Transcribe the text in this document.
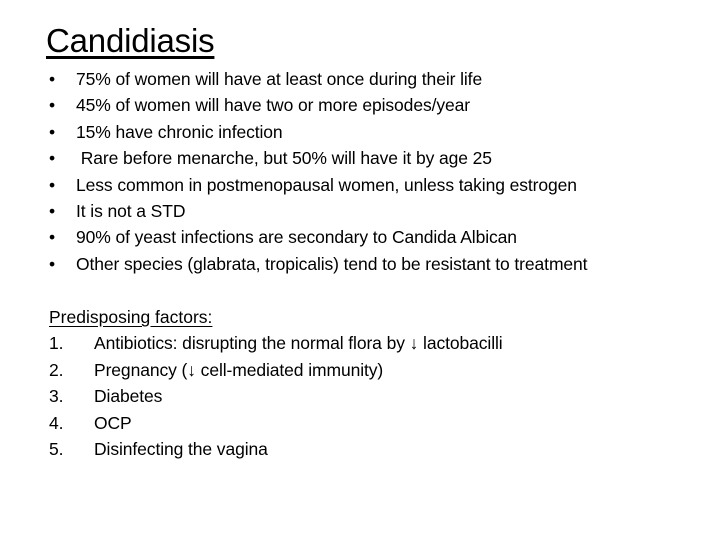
Candidiasis
•	75% of women will have at least once during their life
•	45% of women will have two or more episodes/year
•	15% have chronic infection
•	Rare before menarche, but 50% will have it by age 25
•	Less common in postmenopausal women, unless taking estrogen
•	It is not a STD
•	90% of yeast infections are secondary to Candida Albican
•	Other species (glabrata, tropicalis) tend to be resistant to treatment
Predisposing factors:
1. Antibiotics: disrupting the normal flora by ↓ lactobacilli
2. Pregnancy (↓ cell-mediated immunity)
3. Diabetes
4. OCP
5. Disinfecting the vagina
